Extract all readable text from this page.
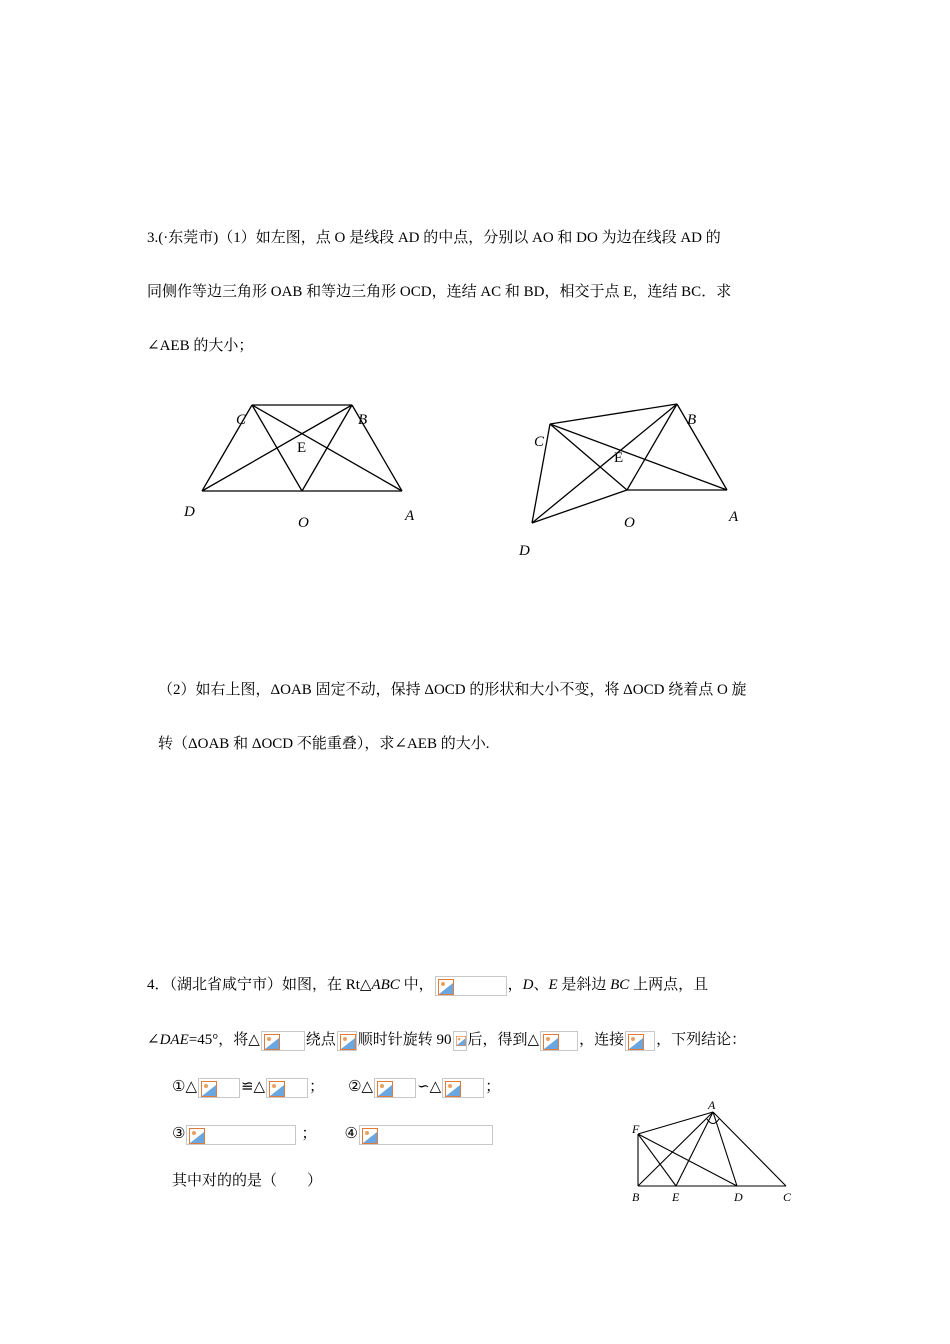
3.(·东莞市)（1）如左图，点 O 是线段 AD 的中点，分别以 AO 和 DO 为边在线段 AD 的
同侧作等边三角形 OAB 和等边三角形 OCD，连结 AC 和 BD，相交于点 E，连结 BC．求
∠AEB 的大小；
C	B
E
D
O	A
C
B
E
D
O	A
（2）如右上图，ΔOAB 固定不动，保持 ΔOCD 的形状和大小不变，将 ΔOCD 绕着点 O 旋
转（ΔOAB 和 ΔOCD 不能重叠），求∠AEB 的大小.
4．（湖北省咸宁市）如图，在 Rt△ABC 中，	，D、E 是斜边 BC 上两点，且
∠DAE=45°，将△	绕点 顺时针旋转 90 后，得到△	，连接 ，下列结论：
①△	≌△	； ②△	∽△	；
③	； ④
其中对的的是（　　）
F
A
B	E	D	C
